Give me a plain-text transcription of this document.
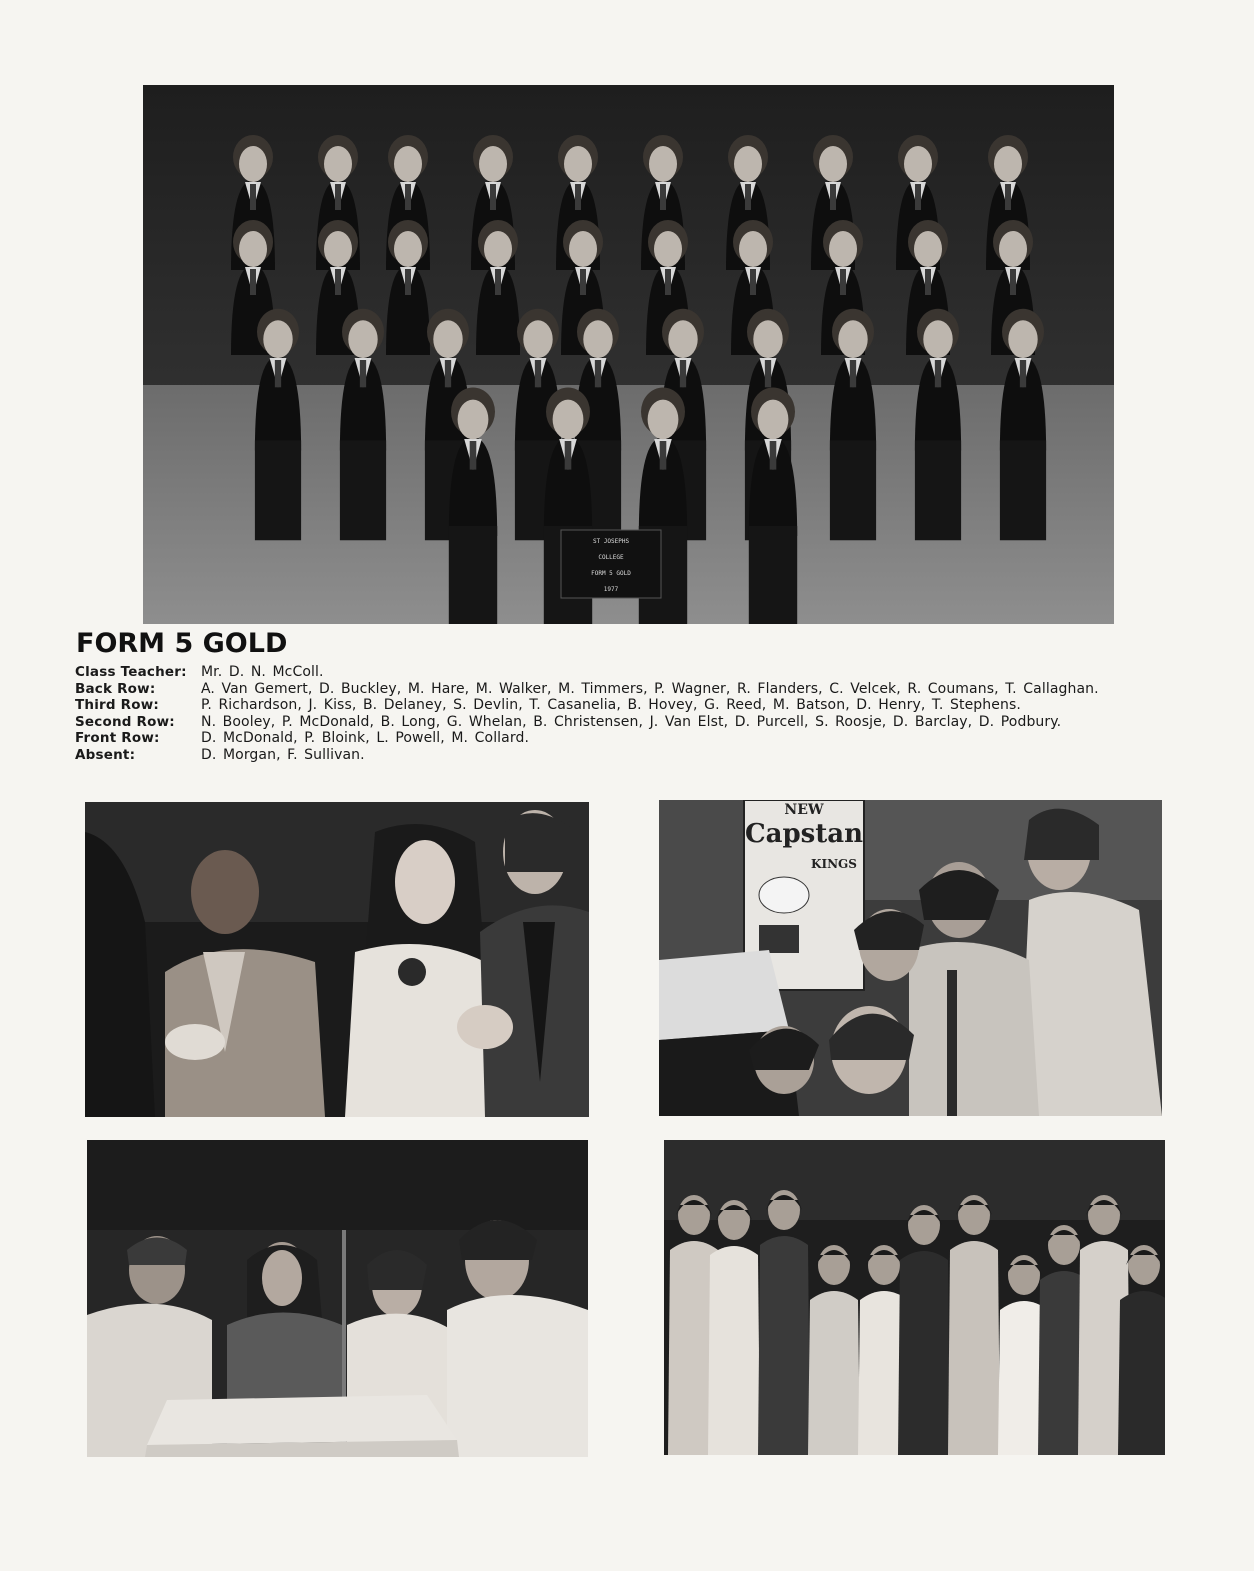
ST JOSEPHS
COLLEGE
FORM 5 GOLD
1977
FORM 5 GOLD
Class Teacher:	Mr. D. N. McColl.
Back Row:	A. Van Gemert, D. Buckley, M. Hare, M. Walker, M. Timmers, P. Wagner, R. Flanders, C. Velcek, R. Coumans, T. Callaghan.
Third Row:	P. Richardson, J. Kiss, B. Delaney, S. Devlin, T. Casanelia, B. Hovey, G. Reed, M. Batson, D. Henry, T. Stephens.
Second Row:	N. Booley, P. McDonald, B. Long, G. Whelan, B. Christensen, J. Van Elst, D. Purcell, S. Roosje, D. Barclay, D. Podbury.
Front Row:	D. McDonald, P. Bloink, L. Powell, M. Collard.
Absent:	D. Morgan, F. Sullivan.
NEW
Capstan
KINGS
